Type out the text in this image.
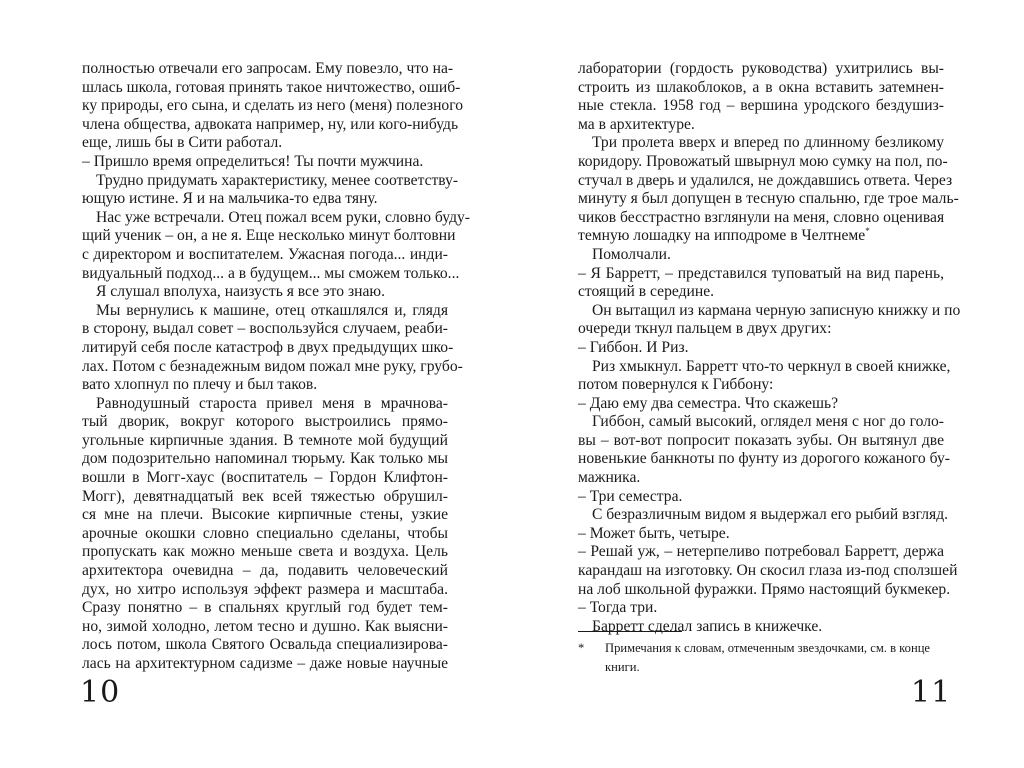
полностью отвечали его запросам. Ему повезло, что на-
шлась школа, готовая принять такое ничтожество, ошиб-
ку природы, его сына, и сделать из него (меня) полезного
члена общества, адвоката например, ну, или кого-нибудь
еще, лишь бы в Сити работал.
– Пришло время определиться! Ты почти мужчина.
Трудно придумать характеристику, менее соответству-
ющую истине. Я и на мальчика-то едва тяну.
Нас уже встречали. Отец пожал всем руки, словно буду-
щий ученик – он, а не я. Еще несколько минут болтовни
с директором и воспитателем. Ужасная погода... инди-
видуальный подход... а в будущем... мы сможем только...
Я слушал вполуха, наизусть я все это знаю.
Мы вернулись к машине, отец откашлялся и, глядя
в сторону, выдал совет – воспользуйся случаем, реаби-
литируй себя после катастроф в двух предыдущих шко-
лах. Потом с безнадежным видом пожал мне руку, грубо-
вато хлопнул по плечу и был таков.
Равнодушный староста привел меня в мрачнова-
тый дворик, вокруг которого выстроились прямо-
угольные кирпичные здания. В темноте мой будущий
дом подозрительно напоминал тюрьму. Как только мы
вошли в Могг-хаус (воспитатель – Гордон Клифтон-
Могг), девятнадцатый век всей тяжестью обрушил-
ся мне на плечи. Высокие кирпичные стены, узкие
арочные окошки словно специально сделаны, чтобы
пропускать как можно меньше света и воздуха. Цель
архитектора очевидна – да, подавить человеческий
дух, но хитро используя эффект размера и масштаба.
Сразу понятно – в спальнях круглый год будет тем-
но, зимой холодно, летом тесно и душно. Как выясни-
лось потом, школа Святого Освальда специализирова-
лась на архитектурном садизме – даже новые научные
10
лаборатории (гордость руководства) ухитрились вы-
строить из шлакоблоков, а в окна вставить затемнен-
ные стекла. 1958 год – вершина уродского бездушиз-
ма в архитектуре.
Три пролета вверх и вперед по длинному безликому
коридору. Провожатый швырнул мою сумку на пол, по-
стучал в дверь и удалился, не дождавшись ответа. Через
минуту я был допущен в тесную спальню, где трое маль-
чиков бесстрастно взглянули на меня, словно оценивая
темную лошадку на ипподроме в Челтнеме*
Помолчали.
– Я Барретт, – представился туповатый на вид парень,
стоящий в середине.
Он вытащил из кармана черную записную книжку и по
очереди ткнул пальцем в двух других:
– Гиббон. И Риз.
Риз хмыкнул. Барретт что-то черкнул в своей книжке,
потом повернулся к Гиббону:
– Даю ему два семестра. Что скажешь?
Гиббон, самый высокий, оглядел меня с ног до голо-
вы – вот-вот попросит показать зубы. Он вытянул две
новенькие банкноты по фунту из дорогого кожаного бу-
мажника.
– Три семестра.
С безразличным видом я выдержал его рыбий взгляд.
– Может быть, четыре.
– Решай уж, – нетерпеливо потребовал Барретт, держа
карандаш на изготовку. Он скосил глаза из-под сползшей
на лоб школьной фуражки. Прямо настоящий букмекер.
– Тогда три.
Барретт сделал запись в книжечке.
*	Примечания к словам, отмеченным звездочками, см. в конце
книги.
11
